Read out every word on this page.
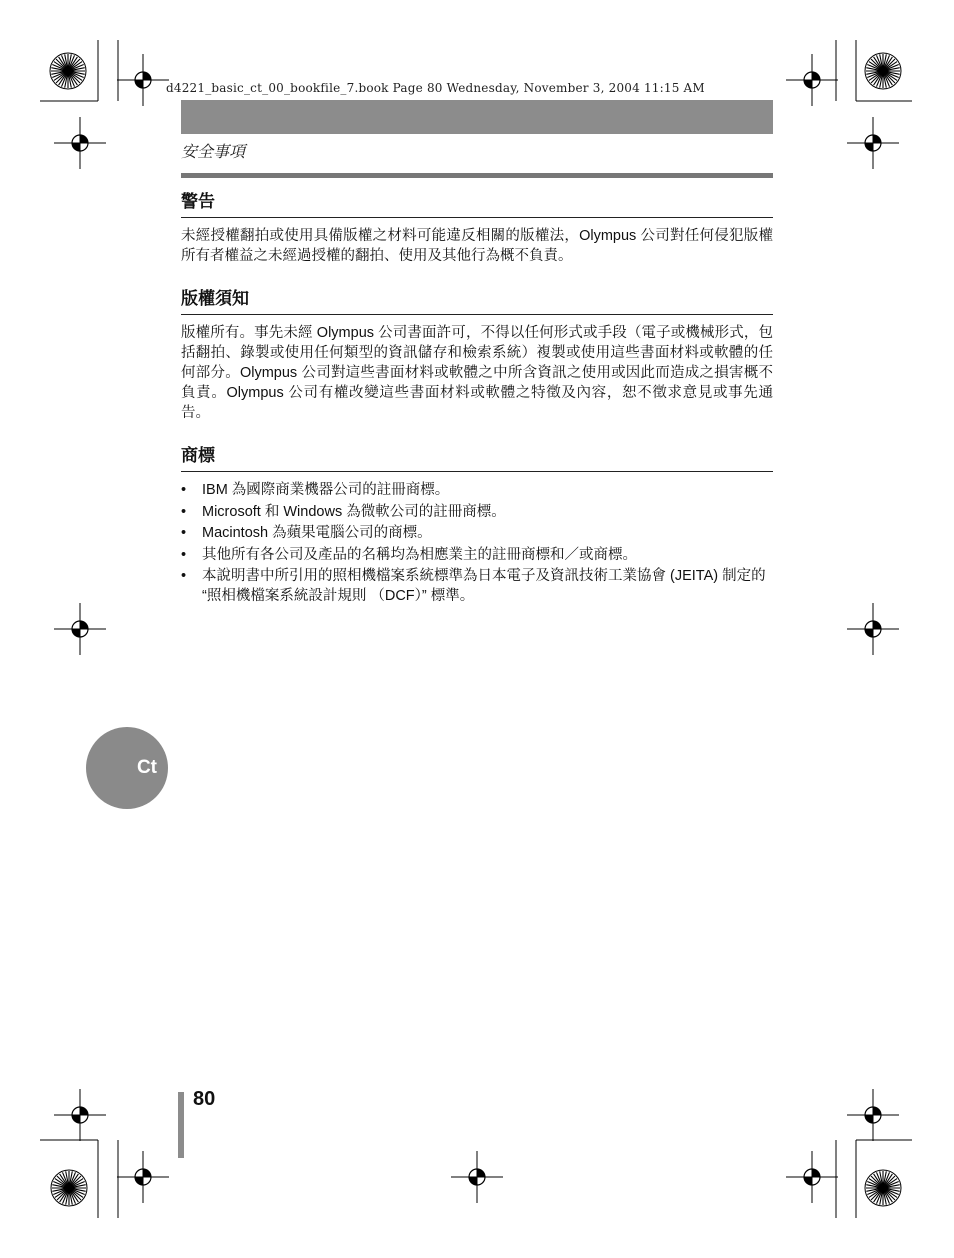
d4221_basic_ct_00_bookfile_7.book Page 80 Wednesday, November 3, 2004 11:15 AM
安全事項
警告

未經授權翻拍或使用具備版權之材料可能違反相關的版權法，Olympus 公司對任何侵犯版權所有者權益之未經過授權的翻拍、使用及其他行為概不負責。

版權須知

版權所有。事先未經 Olympus 公司書面許可，不得以任何形式或手段（電子或機械形式，包括翻拍、錄製或使用任何類型的資訊儲存和檢索系統）複製或使用這些書面材料或軟體的任何部分。Olympus 公司對這些書面材料或軟體之中所含資訊之使用或因此而造成之損害概不負責。Olympus 公司有權改變這些書面材料或軟體之特徵及內容，恕不徵求意見或事先通告。

商標
• IBM 為國際商業機器公司的註冊商標。
• Microsoft 和 Windows 為微軟公司的註冊商標。
• Macintosh 為蘋果電腦公司的商標。
• 其他所有各公司及產品的名稱均為相應業主的註冊商標和／或商標。
• 本說明書中所引用的照相機檔案系統標準為日本電子及資訊技術工業協會 (JEITA) 制定的 “照相機檔案系統設計規則 （DCF）” 標準。
Ct
80
